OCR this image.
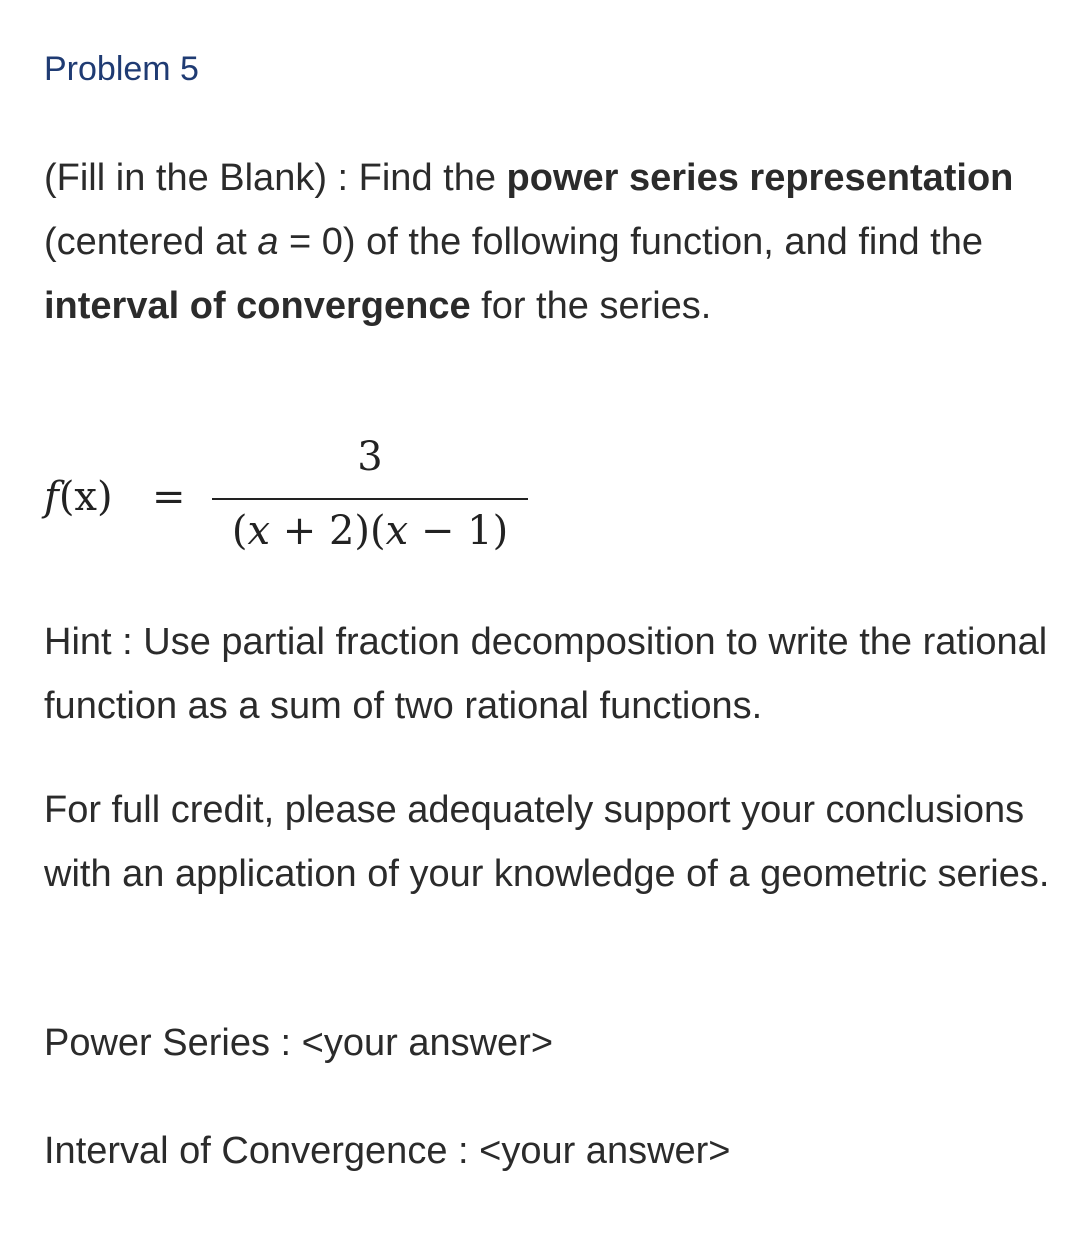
Problem 5

(Fill in the Blank) : Find the power series representation (centered at a = 0) of the following function, and find the interval of convergence for the series.

f(x) =
3
(x + 2)(x − 1)

Hint : Use partial fraction decomposition to write the rational function as a sum of two rational functions.

For full credit, please adequately support your conclusions with an application of your knowledge of a geometric series.

Power Series : <your answer>

Interval of Convergence : <your answer>
